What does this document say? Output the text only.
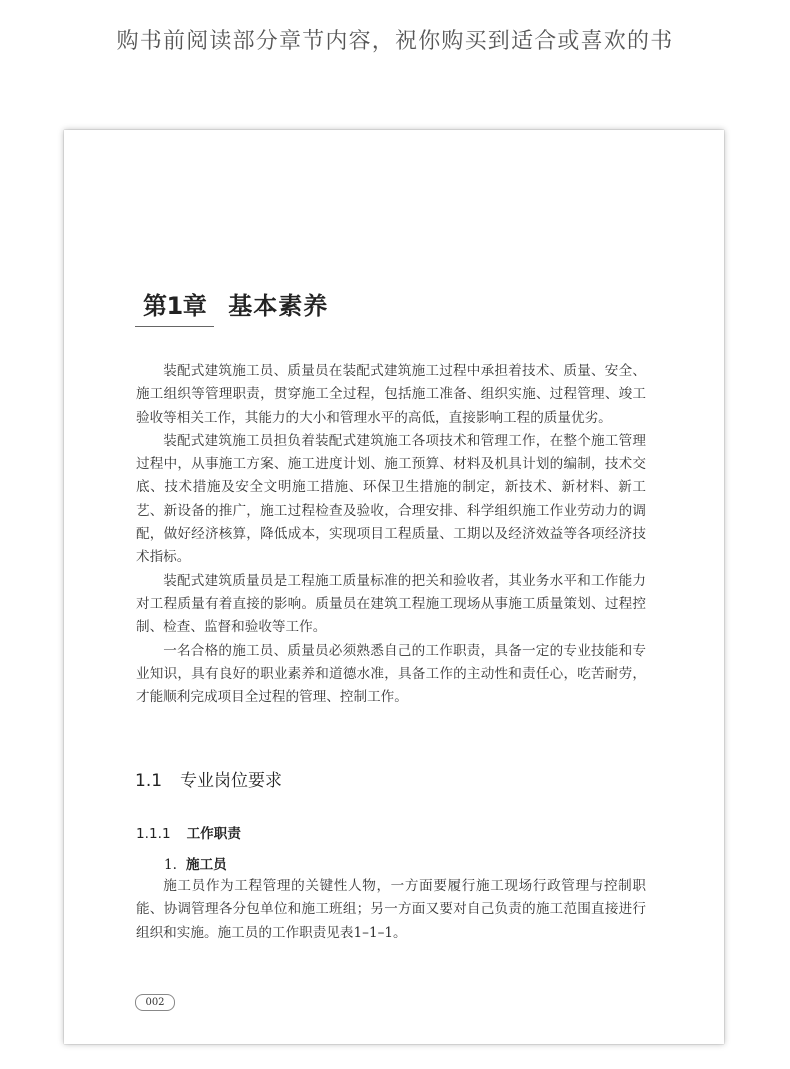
购书前阅读部分章节内容，祝你购买到适合或喜欢的书
第1章 基本素养

装配式建筑施工员、质量员在装配式建筑施工过程中承担着技术、质量、安全、施工组织等管理职责，贯穿施工全过程，包括施工准备、组织实施、过程管理、竣工验收等相关工作，其能力的大小和管理水平的高低，直接影响工程的质量优劣。

装配式建筑施工员担负着装配式建筑施工各项技术和管理工作，在整个施工管理过程中，从事施工方案、施工进度计划、施工预算、材料及机具计划的编制，技术交底、技术措施及安全文明施工措施、环保卫生措施的制定，新技术、新材料、新工艺、新设备的推广，施工过程检查及验收，合理安排、科学组织施工作业劳动力的调配，做好经济核算，降低成本，实现项目工程质量、工期以及经济效益等各项经济技术指标。

装配式建筑质量员是工程施工质量标准的把关和验收者，其业务水平和工作能力对工程质量有着直接的影响。质量员在建筑工程施工现场从事施工质量策划、过程控制、检查、监督和验收等工作。

一名合格的施工员、质量员必须熟悉自己的工作职责，具备一定的专业技能和专业知识，具有良好的职业素养和道德水准，具备工作的主动性和责任心，吃苦耐劳，才能顺利完成项目全过程的管理、控制工作。

1.1 专业岗位要求
1.1.1 工作职责
1. 施工员

施工员作为工程管理的关键性人物，一方面要履行施工现场行政管理与控制职能、协调管理各分包单位和施工班组；另一方面又要对自己负责的施工范围直接进行组织和实施。施工员的工作职责见表1–1–1。

002
